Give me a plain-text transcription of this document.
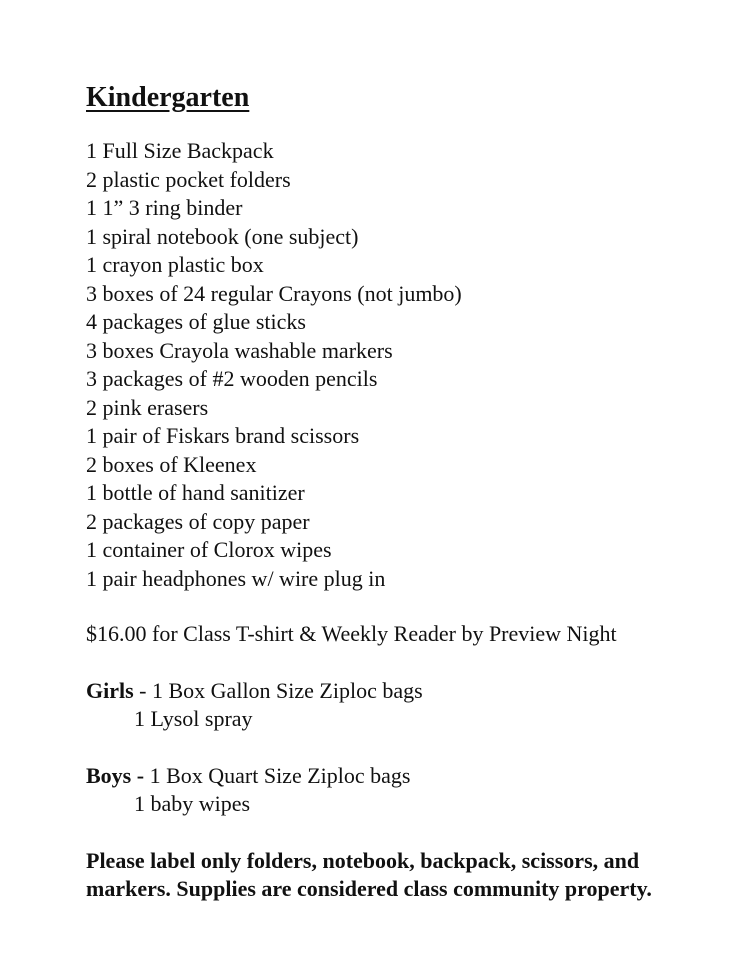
Kindergarten
1 Full Size Backpack
2 plastic pocket folders
1 1” 3 ring binder
1 spiral notebook (one subject)
1 crayon plastic box
3 boxes of 24 regular Crayons (not jumbo)
4 packages of glue sticks
3 boxes Crayola washable markers
3 packages of #2 wooden pencils
2 pink erasers
1 pair of Fiskars brand scissors
2 boxes of Kleenex
1 bottle of hand sanitizer
2 packages of copy paper
1 container of Clorox wipes
1 pair headphones w/ wire plug in
$16.00 for Class T-shirt & Weekly Reader by Preview Night
Girls - 1 Box Gallon Size Ziploc bags
1 Lysol spray
Boys - 1 Box Quart Size Ziploc bags
1 baby wipes
Please label only folders, notebook, backpack, scissors, and
markers. Supplies are considered class community property.
